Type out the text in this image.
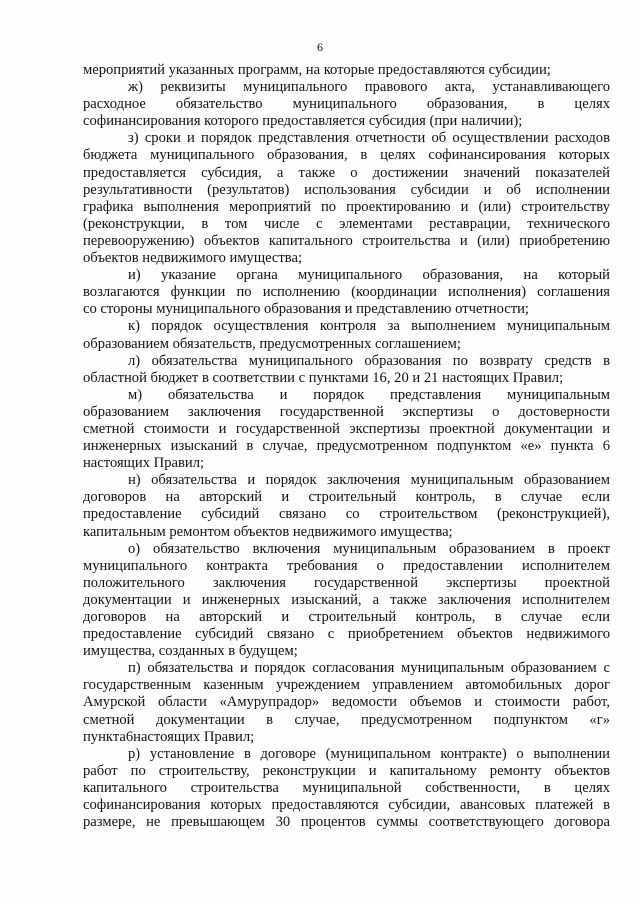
6
мероприятий указанных программ, на которые предоставляются субсидии;
ж) реквизиты муниципального правового акта, устанавливающего
расходное обязательство муниципального образования, в целях
софинансирования которого предоставляется субсидия (при наличии);
з) сроки и порядок представления отчетности об осуществлении расходов
бюджета муниципального образования, в целях софинансирования которых
предоставляется субсидия, а также о достижении значений показателей
результативности (результатов) использования субсидии и об исполнении
графика выполнения мероприятий по проектированию и (или) строительству
(реконструкции, в том числе с элементами реставрации, технического
перевооружению) объектов капитального строительства и (или) приобретению
объектов недвижимого имущества;
и) указание органа муниципального образования, на который
возлагаются функции по исполнению (координации исполнения) соглашения
со стороны муниципального образования и представлению отчетности;
к) порядок осуществления контроля за выполнением муниципальным
образованием обязательств, предусмотренных соглашением;
л) обязательства муниципального образования по возврату средств в
областной бюджет в соответствии с пунктами 16, 20 и 21 настоящих Правил;
м) обязательства и порядок представления муниципальным
образованием заключения государственной экспертизы о достоверности
сметной стоимости и государственной экспертизы проектной документации и
инженерных изысканий в случае, предусмотренном подпунктом «е» пункта 6
настоящих Правил;
н) обязательства и порядок заключения муниципальным образованием
договоров на авторский и строительный контроль, в случае если
предоставление субсидий связано со строительством (реконструкцией),
капитальным ремонтом объектов недвижимого имущества;
о) обязательство включения муниципальным образованием в проект
муниципального контракта требования о предоставлении исполнителем
положительного заключения государственной экспертизы проектной
документации и инженерных изысканий, а также заключения исполнителем
договоров на авторский и строительный контроль, в случае если
предоставление субсидий связано с приобретением объектов недвижимого
имущества, созданных в будущем;
п) обязательства и порядок согласования муниципальным образованием с
государственным казенным учреждением управлением автомобильных дорог
Амурской области «Амурупрадор» ведомости объемов и стоимости работ,
сметной документации в случае, предусмотренном подпунктом «г»
пункта6настоящих Правил;
р) установление в договоре (муниципальном контракте) о выполнении
работ по строительству, реконструкции и капитальному ремонту объектов
капитального строительства муниципальной собственности, в целях
софинансирования которых предоставляются субсидии, авансовых платежей в
размере, не превышающем 30 процентов суммы соответствующего договора
